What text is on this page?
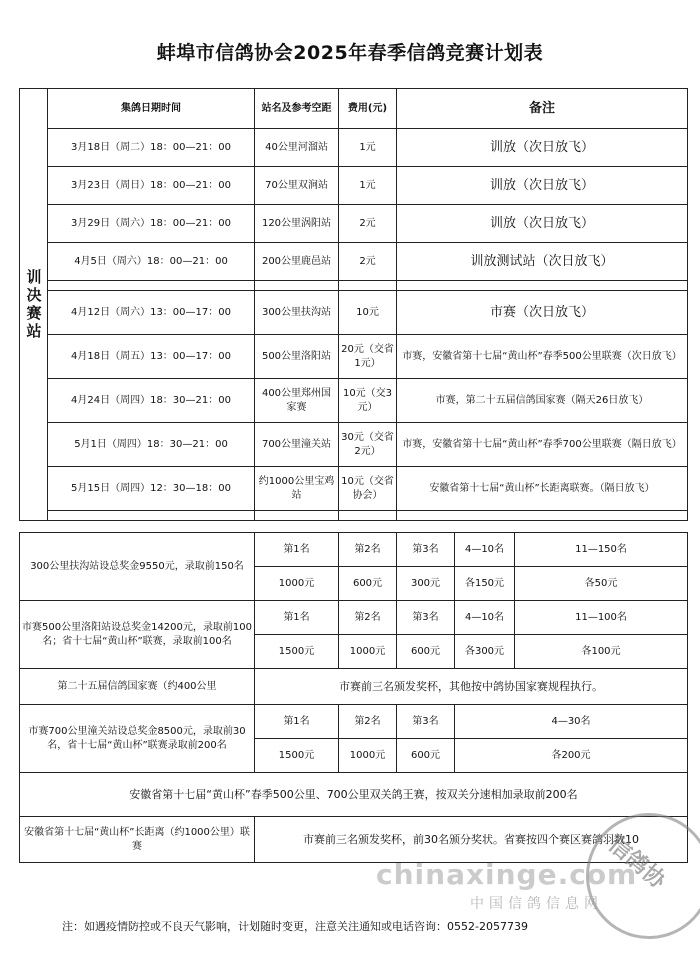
蚌埠市信鸽协会2025年春季信鸽竞赛计划表
训决赛站	集鸽日期时间	站名及参考空距	费用(元)	备注
	3月18日（周二）18：00—21：00	40公里河溜站	1元	训放（次日放飞）
	3月23日（周日）18：00—21：00	70公里双涧站	1元	训放（次日放飞）
	3月29日（周六）18：00—21：00	120公里涡阳站	2元	训放（次日放飞）
	4月5日（周六）18：00—21：00	200公里鹿邑站	2元	训放测试站（次日放飞）

	4月12日（周六）13：00—17：00	300公里扶沟站	10元	市赛（次日放飞）
	4月18日（周五）13：00—17：00	500公里洛阳站	20元（交省1元）	市赛，安徽省第十七届“黄山杯”春季500公里联赛（次日放飞）
	4月24日（周四）18：30—21：00	400公里郑州国家赛	10元（交3元）	市赛，第二十五届信鸽国家赛（隔天26日放飞）
	5月1日（周四）18：30—21：00	700公里潼关站	30元（交省2元）	市赛，安徽省第十七届“黄山杯”春季700公里联赛（隔日放飞）
	5月15日（周四）12：30—18：00	约1000公里宝鸡站	10元（交省协会）	安徽省第十七届“黄山杯”长距离联赛。（隔日放飞）

300公里扶沟站设总奖金9550元，录取前150名	第1名	第2名	第3名	4—10名	11—150名
	1000元	600元	300元	各150元	各50元
市赛500公里洛阳站设总奖金14200元，录取前100名；省十七届“黄山杯”联赛，录取前100名	第1名	第2名	第3名	4—10名	11—100名
	1500元	1000元	600元	各300元	各100元
第二十五届信鸽国家赛（约400公里	市赛前三名颁发奖杯，其他按中鸽协国家赛规程执行。				
市赛700公里潼关站设总奖金8500元，录取前30名，省十七届“黄山杯”联赛录取前200名	第1名	第2名	第3名	4—30名	
	1500元	1000元	600元	各200元	
安徽省第十七届“黄山杯”春季500公里、700公里双关鸽王赛，按双关分速相加录取前200名					
安徽省第十七届“黄山杯”长距离（约1000公里）联赛	市赛前三名颁发奖杯，前30名颁分奖状。省赛按四个赛区赛鸽羽数10				
注：如遇疫情防控或不良天气影响，计划随时变更，注意关注通知或电话咨询：0552-2057739
信鸽协
chinaxinge.com
中国信鸽信息网
